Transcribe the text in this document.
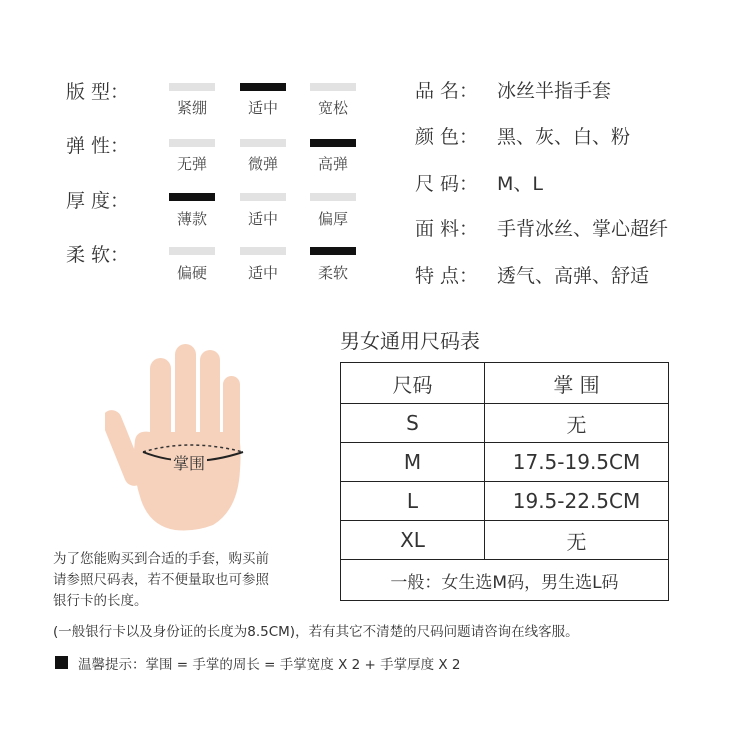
版 型：
紧绷	适中	宽松
弹 性：
无弹	微弹	高弹
厚 度：
薄款	适中	偏厚
柔 软：
偏硬	适中	柔软
品 名： 冰丝半指手套
颜 色： 黑、灰、白、粉
尺 码： M、L
面 料： 手背冰丝、掌心超纤
特 点： 透气、高弹、舒适
掌围
男女通用尺码表
尺码	掌 围
S	无
M	17.5-19.5CM
L	19.5-22.5CM
XL	无
一般：女生选M码，男生选L码	
为了您能购买到合适的手套，购买前
请参照尺码表，若不便量取也可参照
银行卡的长度。
(一般银行卡以及身份证的长度为8.5CM)，若有其它不清楚的尺码问题请咨询在线客服。
温馨提示：掌围 = 手掌的周长 = 手掌宽度 X 2 + 手掌厚度 X 2
